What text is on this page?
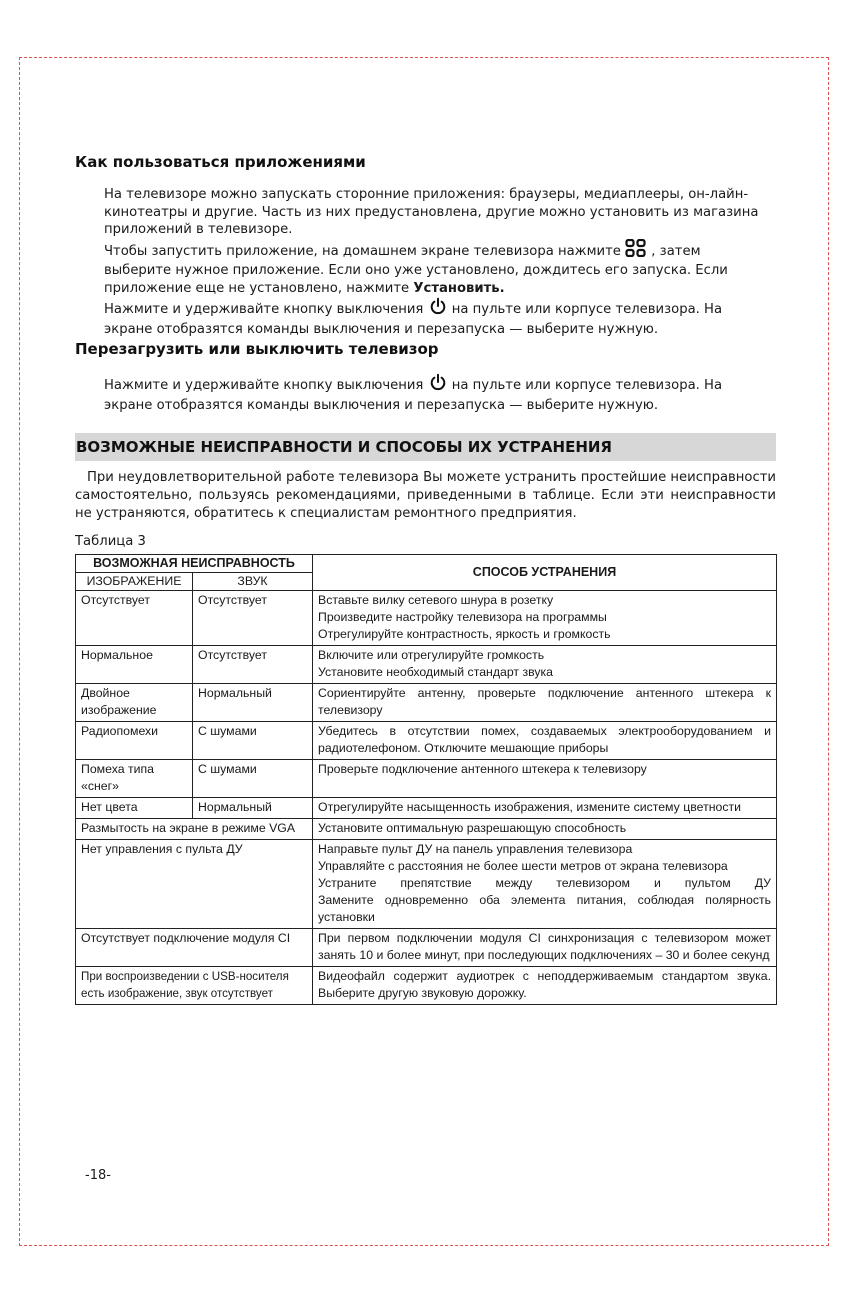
Как пользоваться приложениями

На телевизоре можно запускать сторонние приложения: браузеры, медиаплееры, он-лайн-кинотеатры и другие. Часть из них предустановлена, другие можно установить из магазина приложений в телевизоре.

Чтобы запустить приложение, на домашнем экране телевизора нажмите , затем выберите нужное приложение. Если оно уже установлено, дождитесь его запуска. Если приложение еще не установлено, нажмите Установить.

Нажмите и удерживайте кнопку выключения на пульте или корпусе телевизора. На экране отобразятся команды выключения и перезапуска — выберите нужную.

Перезагрузить или выключить телевизор

Нажмите и удерживайте кнопку выключения на пульте или корпусе телевизора. На экране отобразятся команды выключения и перезапуска — выберите нужную.

ВОЗМОЖНЫЕ НЕИСПРАВНОСТИ И СПОСОБЫ ИХ УСТРАНЕНИЯ

При неудовлетворительной работе телевизора Вы можете устранить простейшие неисправности самостоятельно, пользуясь рекомендациями, приведенными в таблице. Если эти неисправности не устраняются, обратитесь к специалистам ремонтного предприятия.

Таблица 3

ВОЗМОЖНАЯ НЕИСПРАВНОСТЬ		СПОСОБ УСТРАНЕНИЯ
ИЗОБРАЖЕНИЕ	ЗВУК	
Отсутствует	Отсутствует	Вставьте вилку сетевого шнура в розетку
Произведите настройку телевизора на программы
Отрегулируйте контрастность, яркость и громкость

Нормальное	Отсутствует	Включите или отрегулируйте громкость
Установите необходимый стандарт звука

Двойное изображение	Нормальный	Сориентируйте антенну, проверьте подключение антенного штекера к телевизору
Радиопомехи	С шумами	Убедитесь в отсутствии помех, создаваемых электрооборудованием и радиотелефоном. Отключите мешающие приборы
Помеха типа «снег»	С шумами	Проверьте подключение антенного штекера к телевизору
Нет цвета	Нормальный	Отрегулируйте насыщенность изображения, измените систему цветности
Размытость на экране в режиме VGA		Установите оптимальную разрешающую способность
Нет управления с пульта ДУ		Направьте пульт ДУ на панель управления телевизора
Управляйте с расстояния не более шести метров от экрана телевизора
Устраните препятствие между телевизором и пультом ДУ
Замените одновременно оба элемента питания, соблюдая полярность установки

Отсутствует подключение модуля CI		При первом подключении модуля CI синхронизация с телевизором может занять 10 и более минут, при последующих подключениях – 30 и более секунд
При воспроизведении с USB-носителя есть изображение, звук отсутствует		Видеофайл содержит аудиотрек с неподдерживаемым стандартом звука. Выберите другую звуковую дорожку.

-18-
